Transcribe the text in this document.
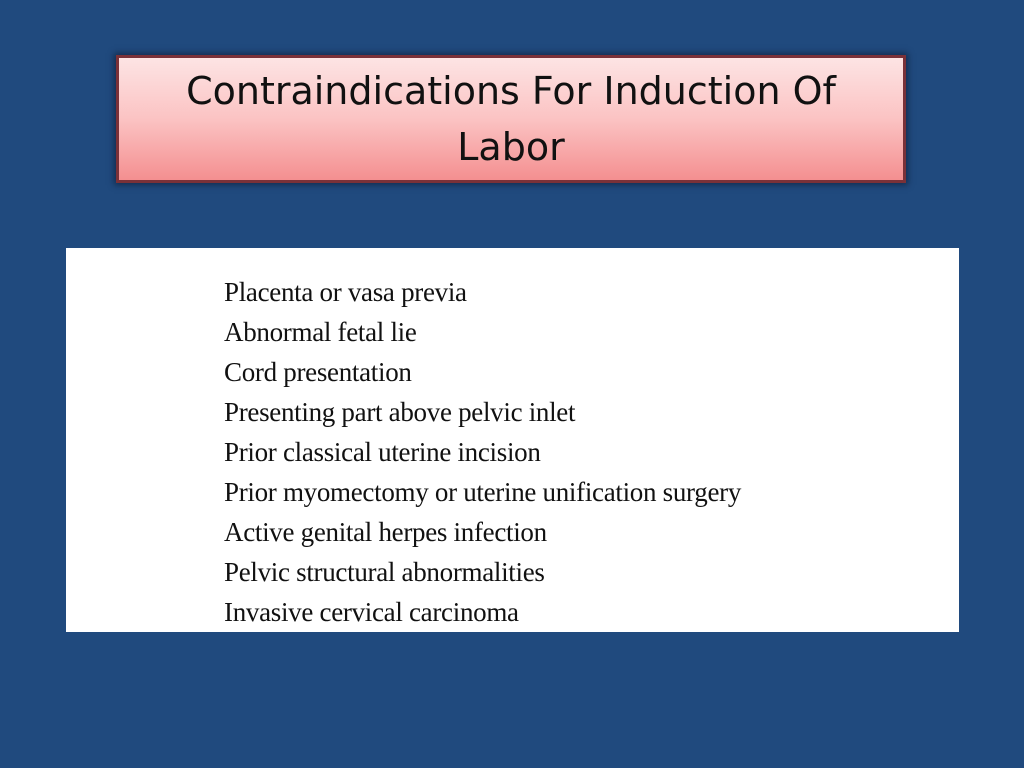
Contraindications For Induction Of Labor
Placenta or vasa previa
Abnormal fetal lie
Cord presentation
Presenting part above pelvic inlet
Prior classical uterine incision
Prior myomectomy or uterine unification surgery
Active genital herpes infection
Pelvic structural abnormalities
Invasive cervical carcinoma
